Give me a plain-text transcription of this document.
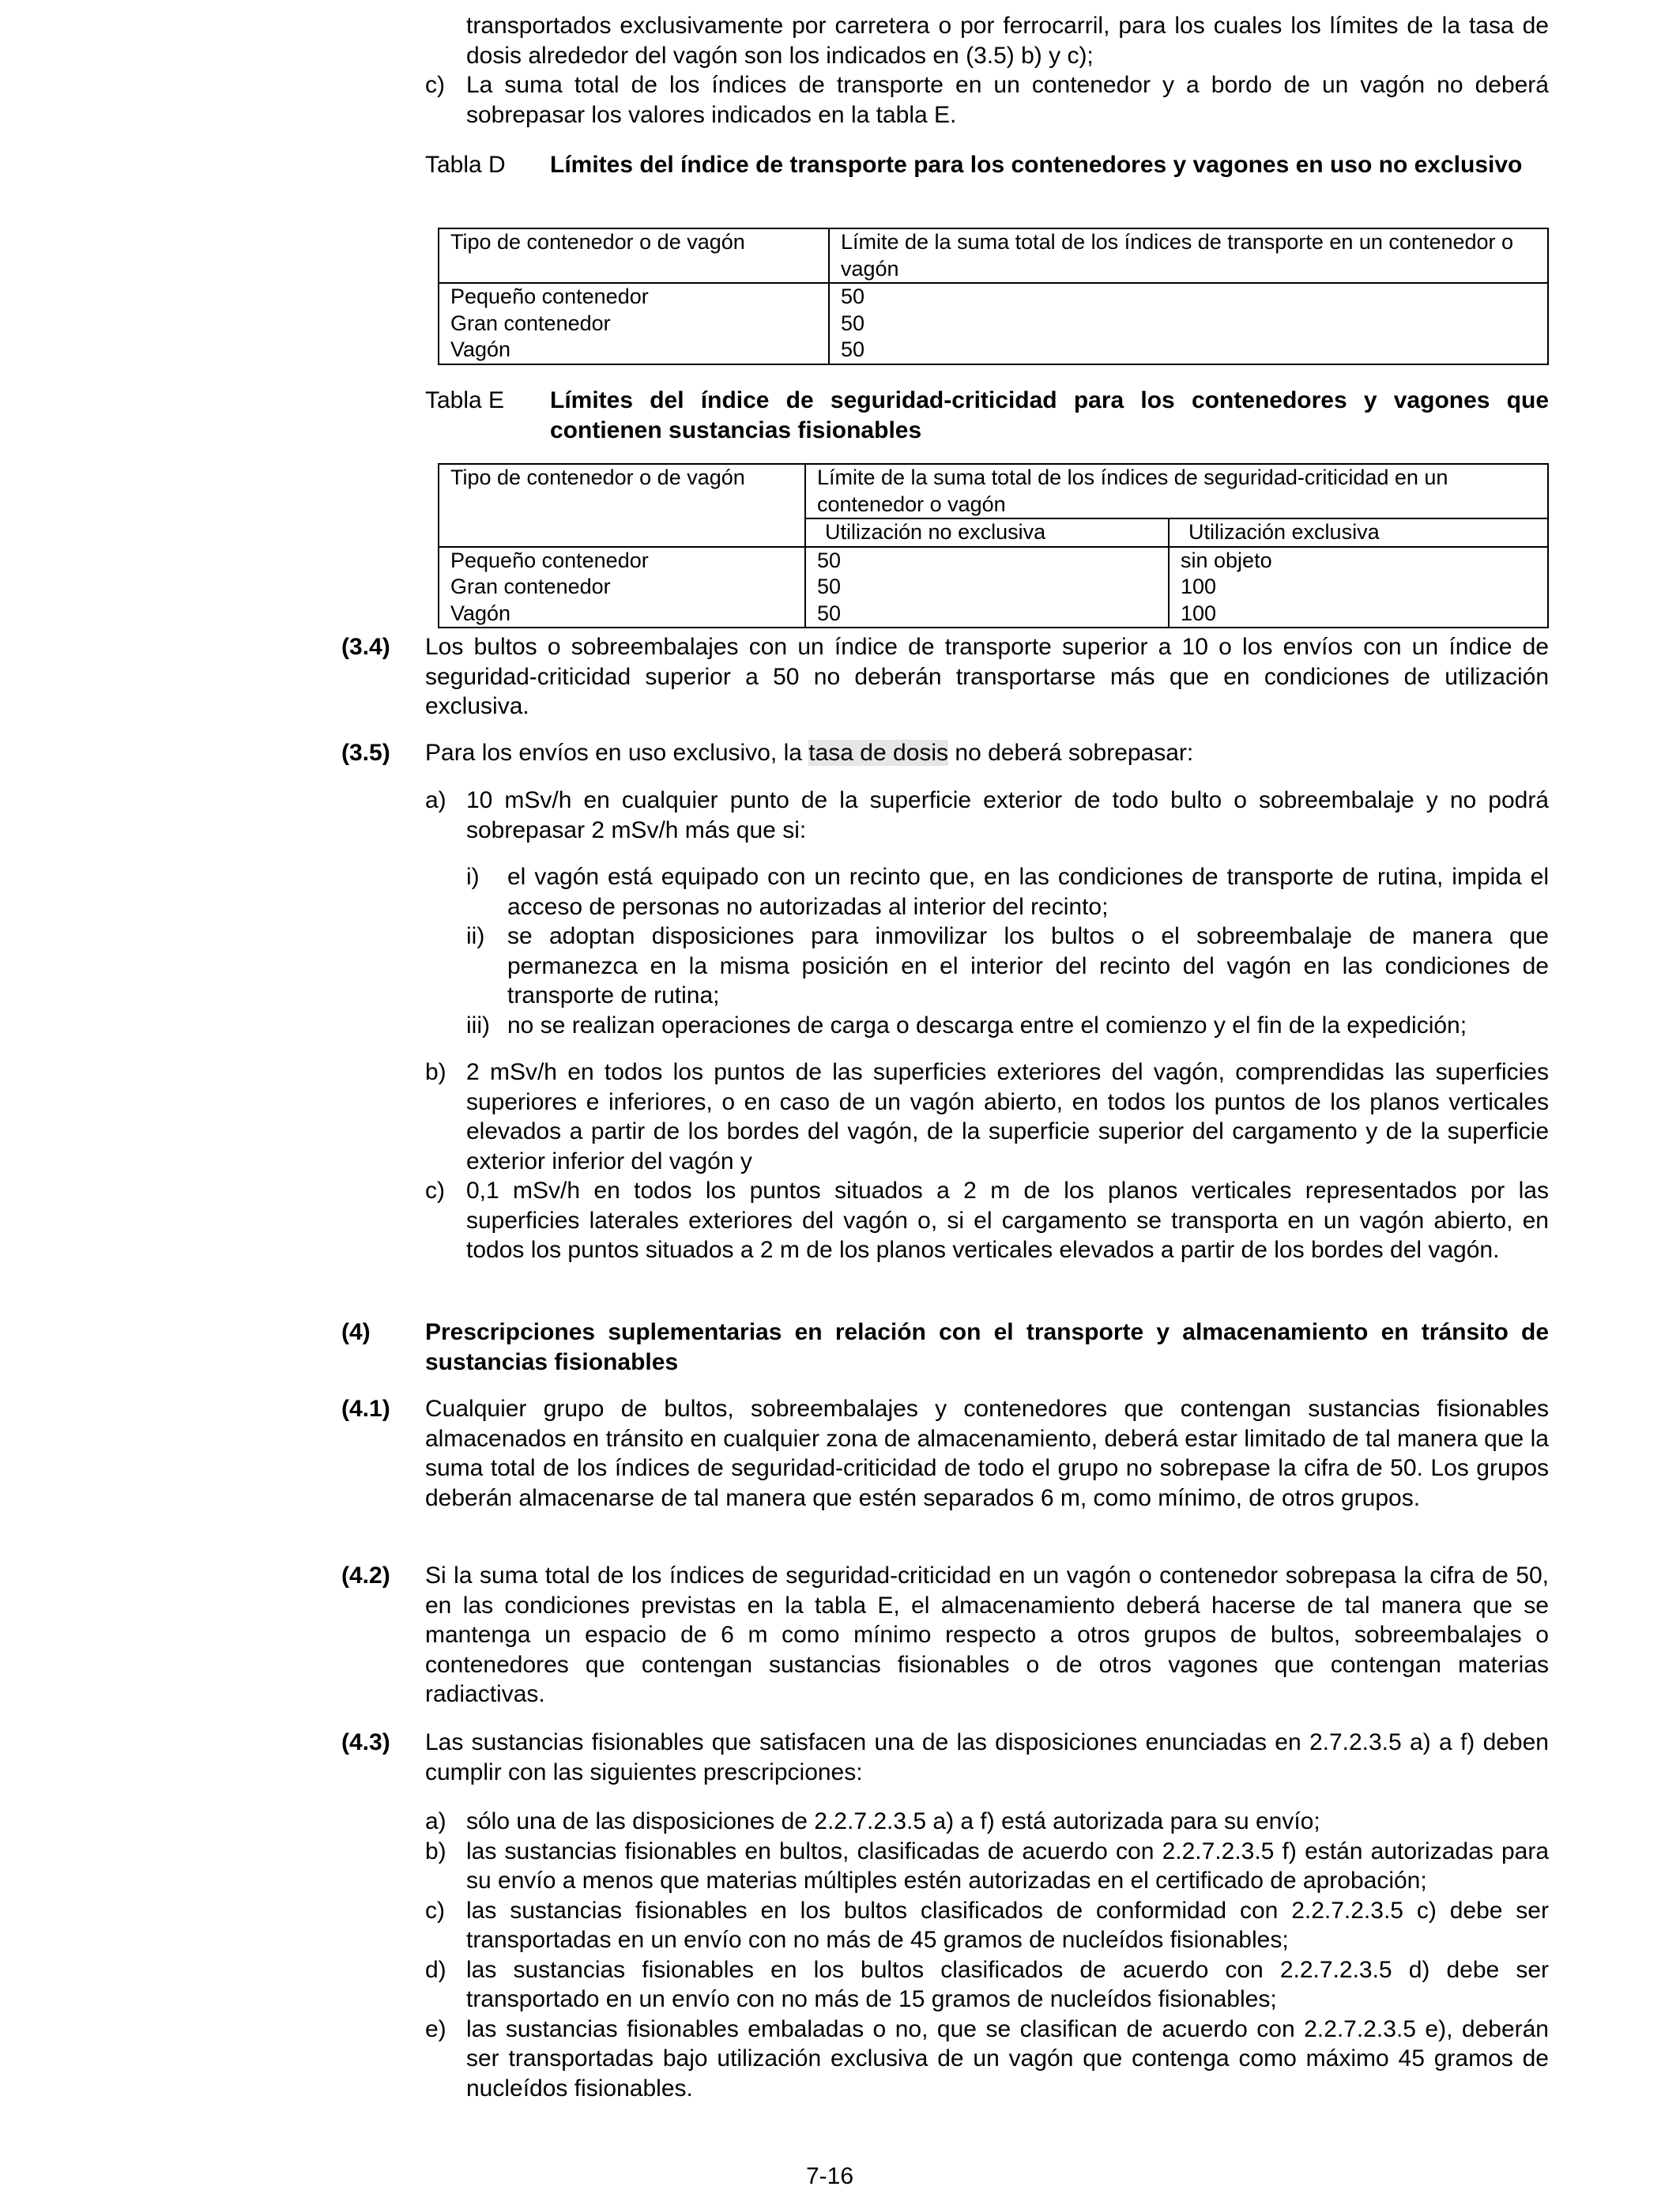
transportados exclusivamente por carretera o por ferrocarril, para los cuales los límites de la tasa de dosis alrededor del vagón son los indicados en (3.5) b) y c);
c) La suma total de los índices de transporte en un contenedor y a bordo de un vagón no deberá sobrepasar los valores indicados en la tabla E.
Tabla D Límites del índice de transporte para los contenedores y vagones en uso no exclusivo
Tipo de contenedor o de vagón	Límite de la suma total de los índices de transporte en un contenedor o vagón
Pequeño contenedor	50
Gran contenedor	50
Vagón	50
Tabla E Límites del índice de seguridad-criticidad para los contenedores y vagones que contienen sustancias fisionables
Tipo de contenedor o de vagón	Límite de la suma total de los índices de seguridad-criticidad en un contenedor o vagón	
	Utilización no exclusiva	Utilización exclusiva
Pequeño contenedor	50	sin objeto
Gran contenedor	50	100
Vagón	50	100
(3.4) Los bultos o sobreembalajes con un índice de transporte superior a 10 o los envíos con un índice de seguridad-criticidad superior a 50 no deberán transportarse más que en condiciones de utilización exclusiva.
(3.5) Para los envíos en uso exclusivo, la tasa de dosis no deberá sobrepasar:
a) 10 mSv/h en cualquier punto de la superficie exterior de todo bulto o sobreembalaje y no podrá sobrepasar 2 mSv/h más que si:
i) el vagón está equipado con un recinto que, en las condiciones de transporte de rutina, impida el acceso de personas no autorizadas al interior del recinto;
ii) se adoptan disposiciones para inmovilizar los bultos o el sobreembalaje de manera que permanezca en la misma posición en el interior del recinto del vagón en las condiciones de transporte de rutina;
iii) no se realizan operaciones de carga o descarga entre el comienzo y el fin de la expedición;
b) 2 mSv/h en todos los puntos de las superficies exteriores del vagón, comprendidas las superficies superiores e inferiores, o en caso de un vagón abierto, en todos los puntos de los planos verticales elevados a partir de los bordes del vagón, de la superficie superior del cargamento y de la superficie exterior inferior del vagón y
c) 0,1 mSv/h en todos los puntos situados a 2 m de los planos verticales representados por las superficies laterales exteriores del vagón o, si el cargamento se transporta en un vagón abierto, en todos los puntos situados a 2 m de los planos verticales elevados a partir de los bordes del vagón.
(4) Prescripciones suplementarias en relación con el transporte y almacenamiento en tránsito de sustancias fisionables
(4.1) Cualquier grupo de bultos, sobreembalajes y contenedores que contengan sustancias fisionables almacenados en tránsito en cualquier zona de almacenamiento, deberá estar limitado de tal manera que la suma total de los índices de seguridad-criticidad de todo el grupo no sobrepase la cifra de 50. Los grupos deberán almacenarse de tal manera que estén separados 6 m, como mínimo, de otros grupos.
(4.2) Si la suma total de los índices de seguridad-criticidad en un vagón o contenedor sobrepasa la cifra de 50, en las condiciones previstas en la tabla E, el almacenamiento deberá hacerse de tal manera que se mantenga un espacio de 6 m como mínimo respecto a otros grupos de bultos, sobreembalajes o contenedores que contengan sustancias fisionables o de otros vagones que contengan materias radiactivas.
(4.3) Las sustancias fisionables que satisfacen una de las disposiciones enunciadas en 2.7.2.3.5 a) a f) deben cumplir con las siguientes prescripciones:
a) sólo una de las disposiciones de 2.2.7.2.3.5 a) a f) está autorizada para su envío;
b) las sustancias fisionables en bultos, clasificadas de acuerdo con 2.2.7.2.3.5 f) están autorizadas para su envío a menos que materias múltiples estén autorizadas en el certificado de aprobación;
c) las sustancias fisionables en los bultos clasificados de conformidad con 2.2.7.2.3.5 c) debe ser transportadas en un envío con no más de 45 gramos de nucleídos fisionables;
d) las sustancias fisionables en los bultos clasificados de acuerdo con 2.2.7.2.3.5 d) debe ser transportado en un envío con no más de 15 gramos de nucleídos fisionables;
e) las sustancias fisionables embaladas o no, que se clasifican de acuerdo con 2.2.7.2.3.5 e), deberán ser transportadas bajo utilización exclusiva de un vagón que contenga como máximo 45 gramos de nucleídos fisionables.
7-16
